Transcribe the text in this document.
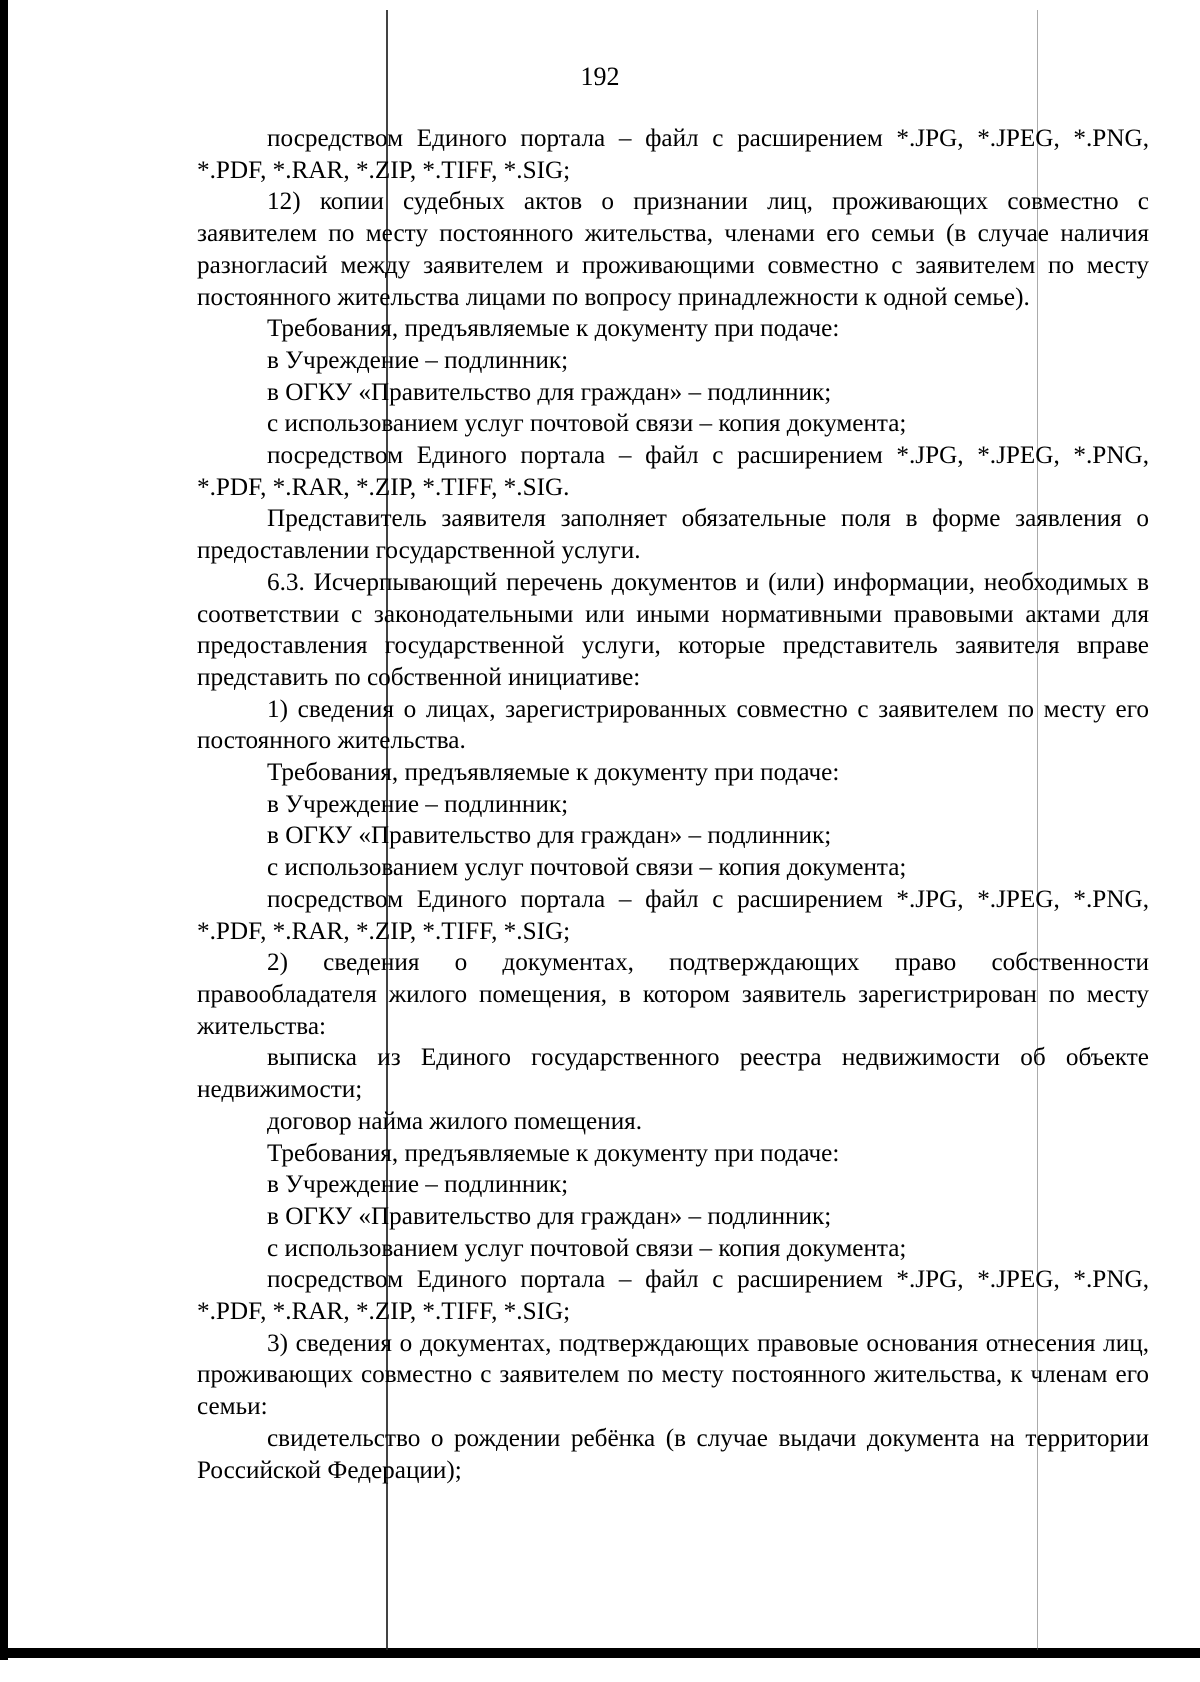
192

посредством Единого портала – файл с расширением *.JPG, *.JPEG, *.PNG, *.PDF, *.RAR, *.ZIP, *.TIFF, *.SIG;

12) копии судебных актов о признании лиц, проживающих совместно с заявителем по месту постоянного жительства, членами его семьи (в случае наличия разногласий между заявителем и проживающими совместно с заявителем по месту постоянного жительства лицами по вопросу принадлежности к одной семье).

Требования, предъявляемые к документу при подаче:

в Учреждение – подлинник;

в ОГКУ «Правительство для граждан» – подлинник;

с использованием услуг почтовой связи – копия документа;

посредством Единого портала – файл с расширением *.JPG, *.JPEG, *.PNG, *.PDF, *.RAR, *.ZIP, *.TIFF, *.SIG.

Представитель заявителя заполняет обязательные поля в форме заявления о предоставлении государственной услуги.

6.3. Исчерпывающий перечень документов и (или) информации, необходимых в соответствии с законодательными или иными нормативными правовыми актами для предоставления государственной услуги, которые представитель заявителя вправе представить по собственной инициативе:

1) сведения о лицах, зарегистрированных совместно с заявителем по месту его постоянного жительства.

Требования, предъявляемые к документу при подаче:

в Учреждение – подлинник;

в ОГКУ «Правительство для граждан» – подлинник;

с использованием услуг почтовой связи – копия документа;

посредством Единого портала – файл с расширением *.JPG, *.JPEG, *.PNG, *.PDF, *.RAR, *.ZIP, *.TIFF, *.SIG;

2) сведения о документах, подтверждающих право собственности правообладателя жилого помещения, в котором заявитель зарегистрирован по месту жительства:

выписка из Единого государственного реестра недвижимости об объекте недвижимости;

договор найма жилого помещения.

Требования, предъявляемые к документу при подаче:

в Учреждение – подлинник;

в ОГКУ «Правительство для граждан» – подлинник;

с использованием услуг почтовой связи – копия документа;

посредством Единого портала – файл с расширением *.JPG, *.JPEG, *.PNG, *.PDF, *.RAR, *.ZIP, *.TIFF, *.SIG;

3) сведения о документах, подтверждающих правовые основания отнесения лиц, проживающих совместно с заявителем по месту постоянного жительства, к членам его семьи:

свидетельство о рождении ребёнка (в случае выдачи документа на территории Российской Федерации);
